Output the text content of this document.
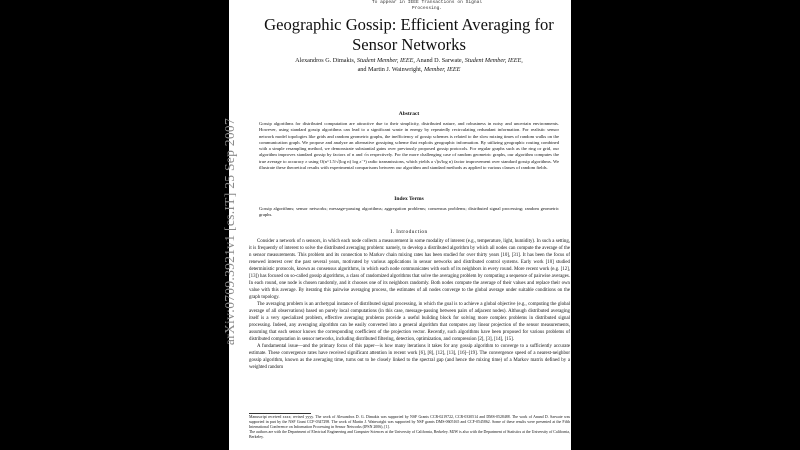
arXiv:0709.3921v1 [cs.IT] 25 Sep 2007
To appear in IEEE Transactions on Signal Processing.
Geographic Gossip: Efficient Averaging for Sensor Networks
Alexandros G. Dimakis, Student Member, IEEE, Anand D. Sarwate, Student Member, IEEE,
and Martin J. Wainwright, Member, IEEE
Abstract
Gossip algorithms for distributed computation are attractive due to their simplicity, distributed nature, and robustness in noisy and uncertain environments. However, using standard gossip algorithms can lead to a significant waste in energy by repeatedly recirculating redundant information. For realistic sensor network model topologies like grids and random geometric graphs, the inefficiency of gossip schemes is related to the slow mixing times of random walks on the communication graph. We propose and analyze an alternative gossiping scheme that exploits geographic information. By utilizing geographic routing combined with a simple resampling method, we demonstrate substantial gains over previously proposed gossip protocols. For regular graphs such as the ring or grid, our algorithm improves standard gossip by factors of n and √n respectively. For the more challenging case of random geometric graphs, our algorithm computes the true average to accuracy ε using O(n^1.5/√(log n) log ε⁻¹) radio transmissions, which yields a √(n/log n) factor improvement over standard gossip algorithms. We illustrate these theoretical results with experimental comparisons between our algorithm and standard methods as applied to various classes of random fields.
Index Terms
Gossip algorithms; sensor networks; message-passing algorithms; aggregation problems; consensus problems; distributed signal processing; random geometric graphs.
I. Introduction

Consider a network of n sensors, in which each node collects a measurement in some modality of interest (e.g., temperature, light, humidity). In such a setting, it is frequently of interest to solve the distributed averaging problem: namely, to develop a distributed algorithm by which all nodes can compute the average of the n sensor measurements. This problem and its connection to Markov chain mixing rates has been studied for over thirty years [10], [31]. It has been the focus of renewed interest over the past several years, motivated by various applications in sensor networks and distributed control systems. Early work [10] studied deterministic protocols, known as consensus algorithms, in which each node communicates with each of its neighbors in every round. More recent work (e.g. [12], [13]) has focused on so-called gossip algorithms, a class of randomized algorithms that solve the averaging problem by computing a sequence of pairwise averages. In each round, one node is chosen randomly, and it chooses one of its neighbors randomly. Both nodes compute the average of their values and replace their own value with this average. By iterating this pairwise averaging process, the estimates of all nodes converge to the global average under suitable conditions on the graph topology.

The averaging problem is an archetypal instance of distributed signal processing, in which the goal is to achieve a global objective (e.g., computing the global average of all observations) based on purely local computations (in this case, message-passing between pairs of adjacent nodes). Although distributed averaging itself is a very specialized problem, effective averaging problems provide a useful building block for solving more complex problems in distributed signal processing. Indeed, any averaging algorithm can be easily converted into a general algorithm that computes any linear projection of the sensor measurements, assuming that each sensor knows the corresponding coefficient of the projection vector. Recently, such algorithms have been proposed for various problems of distributed computation in sensor networks, including distributed filtering, detection, optimization, and compression [2], [3], [14], [15].

A fundamental issue—and the primary focus of this paper—is how many iterations it takes for any gossip algorithm to converge to a sufficiently accurate estimate. These convergence rates have received significant attention in recent work [6], [8], [12], [13], [16]–[19]. The convergence speed of a nearest-neighbor gossip algorithm, known as the averaging time, turns out to be closely linked to the spectral gap (and hence the mixing time) of a Markov matrix defined by a weighted random

Manuscript received xxxx; revised yyyy. The work of Alexandros D. G. Dimakis was supported by NSF Grants CCR-0219722, CCR-0330514 and DMS-0528488. The work of Anand D. Sarwate was supported in part by the NSF Grant CCF-0347298. The work of Martin J. Wainwright was supported by NSF grants DMS-0605165 and CCF-0545862. Some of these results were presented at the Fifth International Conference on Information Processing in Sensor Networks (IPSN 2006), [1].

The authors are with the Department of Electrical Engineering and Computer Sciences at the University of California, Berkeley. MJW is also with the Department of Statistics at the University of California, Berkeley.
